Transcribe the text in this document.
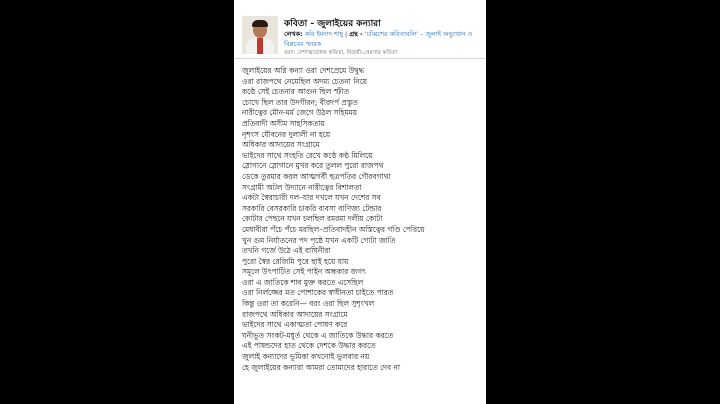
কবিতা - জুলাইয়ের কন্যারা
লেখক: কবি ইমদাদ শাহ্ | গ্রন্থ - 'চব্বিশের কবিতাবলি' – জুলাই অভ্যুত্থান ও বিপ্লবের স্মারক
বরণ: দেশাত্মবোধক কবিতা, বিজয়ী-প্রেরণার কবিতা
জুলাইয়ের অগ্নি কন্যা ওরা দেশপ্রেমে উদ্বুদ্ধ
ওরা রাজপথে নেমেছিল অদম্য চেতনা নিয়ে
কণ্ঠে সেই চেতনার আগুন ছিল স্ফীত
চোখে ছিল তার উদগীরন; বীরদর্প প্রস্তুত
নারীত্বের মৌন-মর্ম জেগে উঠল সহিমময়
প্রতিবাদী অসীম সাহসিকতায়
নৃশংস যৌবনের দুলালী না হয়ে
অধিকার আদায়ের সংগ্রামে
ভাইদের সাথে সংহতি রেখে কণ্ঠে কণ্ঠ মিলিয়ে
স্লোগানে স্লোগানে মুখর করে তুলল পুরো রাজপথ
ডেকে তুরমার করল আত্মগর্বী ছত্রপতির গৌরবগাথা
সংগ্রামী অটল উদ্যানে নারীত্বের বিশালতা
একটা স্বৈরাচারী দল–যার দখলে যখন দেশের সব
সরকারি বেসরকারি চাকরি ব্যবসা বাণিজ্য টেন্ডার
কোটার পেছনে যখন চলছিল রমরমা দলীয় কোটা
মেধাবীরা পঁচে পঁচে মরছিল–প্রতিবাদহীন অস্তিত্বের গণ্ডি পেরিয়ে
খুন গুম নির্যাতনের পদ পৃষ্ঠে যখন একটি গোটা জাতি
তখনি গর্জে উঠে এই বাঘিনীরা
পুরো স্বৈর রেজিমি পুরে ছাই হয়ে যায়
সমূলে উৎপাটিত সেই পাইন অন্ধকার জগৎ
ওরা এ জাতিকে শাব মুক্ত করতে এসেছিল
ওরা নির্লজ্জের মত পোশাকের স্বাধীনতা চাইতে পারত
কিন্তু ওরা তা করেনি— বরং ওরা ছিল সুশৃংখল
রাজপথে অধিকার আদায়ের সংগ্রামে
ভাইদের সাথে একাত্মতা পোষণ করে
ঘনীভূত সংকট-মধুর্ত থেকে এ জাতিকে উদ্ধার করতে
এই পাষন্ডদের হাত থেকে দেশকে উদ্ধার করতে
জুলাই কন্যাদের ভূমিকা কখনোই ভুলবার নয়
হে জুলাইয়ের কন্যারা আমরা তোমাদের হারাতে দেব না
